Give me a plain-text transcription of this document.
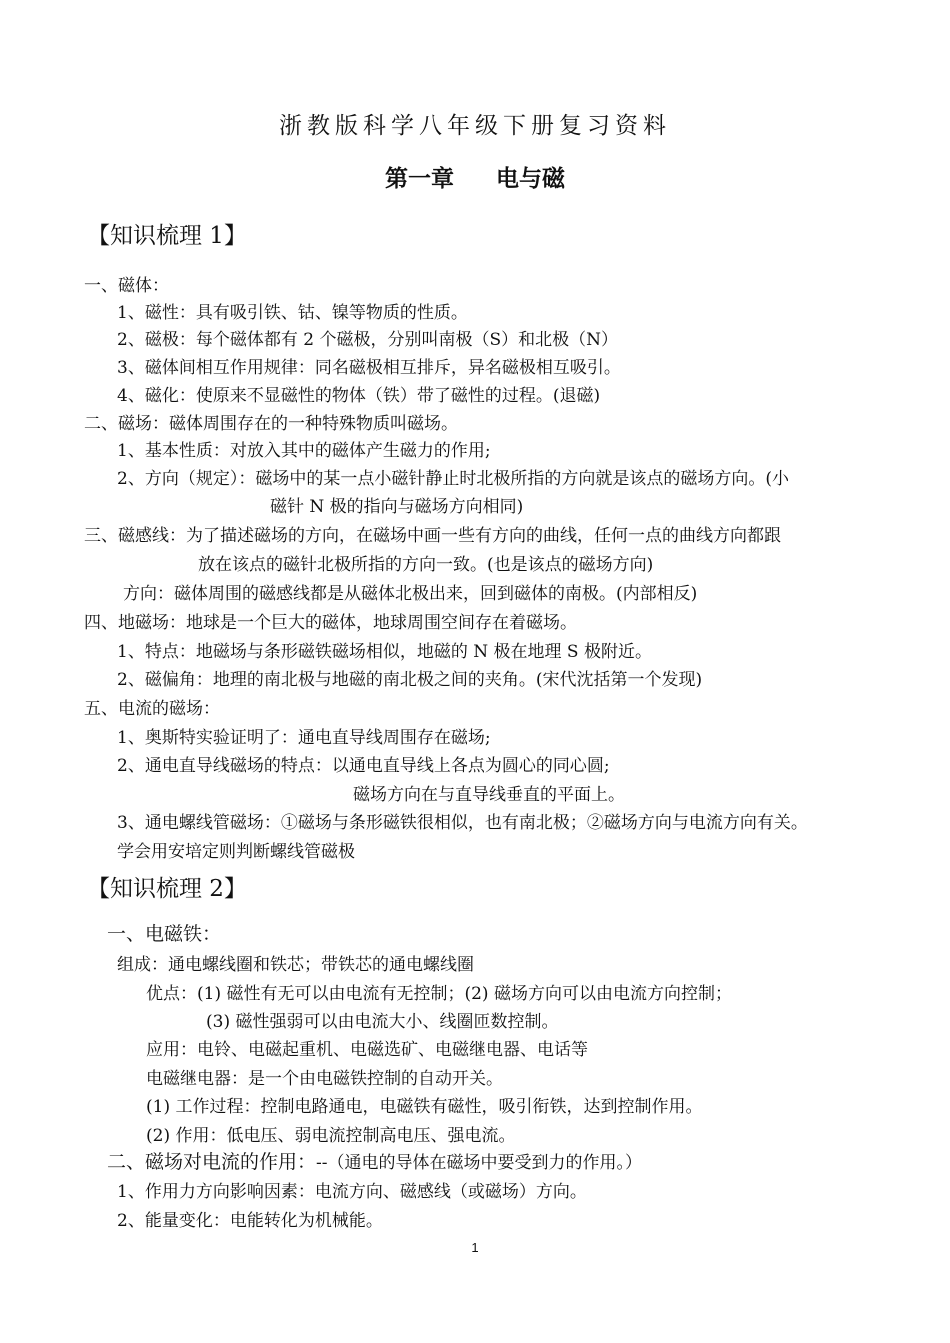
浙教版科学八年级下册复习资料
第一章 电与磁
【知识梳理 1】
一、磁体：
1、磁性：具有吸引铁、钴、镍等物质的性质。
2、磁极：每个磁体都有 2 个磁极，分别叫南极（S）和北极（N）
3、磁体间相互作用规律：同名磁极相互排斥，异名磁极相互吸引。
4、磁化：使原来不显磁性的物体（铁）带了磁性的过程。(退磁)
二、磁场：磁体周围存在的一种特殊物质叫磁场。
1、基本性质：对放入其中的磁体产生磁力的作用;
2、方向（规定）：磁场中的某一点小磁针静止时北极所指的方向就是该点的磁场方向。(小
磁针 N 极的指向与磁场方向相同)
三、磁感线：为了描述磁场的方向，在磁场中画一些有方向的曲线，任何一点的曲线方向都跟
放在该点的磁针北极所指的方向一致。(也是该点的磁场方向)
方向：磁体周围的磁感线都是从磁体北极出来，回到磁体的南极。(内部相反)
四、地磁场：地球是一个巨大的磁体，地球周围空间存在着磁场。
1、特点：地磁场与条形磁铁磁场相似，地磁的 N 极在地理 S 极附近。
2、磁偏角：地理的南北极与地磁的南北极之间的夹角。(宋代沈括第一个发现)
五、电流的磁场：
1、奥斯特实验证明了：通电直导线周围存在磁场;
2、通电直导线磁场的特点：以通电直导线上各点为圆心的同心圆;
磁场方向在与直导线垂直的平面上。
3、通电螺线管磁场：①磁场与条形磁铁很相似，也有南北极；②磁场方向与电流方向有关。
学会用安培定则判断螺线管磁极
【知识梳理 2】
一、电磁铁：
组成：通电螺线圈和铁芯；带铁芯的通电螺线圈
优点：(1) 磁性有无可以由电流有无控制；(2) 磁场方向可以由电流方向控制；
(3) 磁性强弱可以由电流大小、线圈匝数控制。
应用：电铃、电磁起重机、电磁选矿、电磁继电器、电话等
电磁继电器：是一个由电磁铁控制的自动开关。
(1) 工作过程：控制电路通电，电磁铁有磁性，吸引衔铁，达到控制作用。
(2) 作用：低电压、弱电流控制高电压、强电流。
二、磁场对电流的作用：--（通电的导体在磁场中要受到力的作用。）
1、作用力方向影响因素：电流方向、磁感线（或磁场）方向。
2、能量变化：电能转化为机械能。
1
